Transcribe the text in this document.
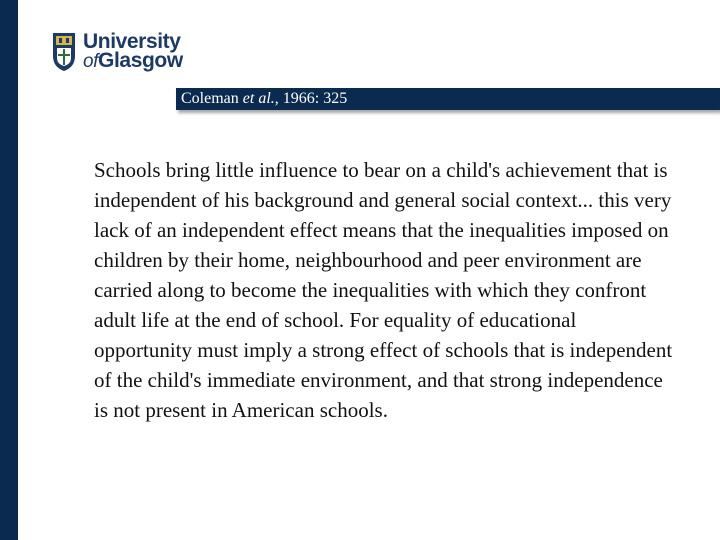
University
ofGlasgow
Coleman et al., 1966: 325

Schools bring little influence to bear on a child's achievement that is independent of his background and general social context... this very lack of an independent effect means that the inequalities imposed on children by their home, neighbourhood and peer environment are carried along to become the inequalities with which they confront adult life at the end of school. For equality of educational opportunity must imply a strong effect of schools that is independent of the child's immediate environment, and that strong independence is not present in American schools.
